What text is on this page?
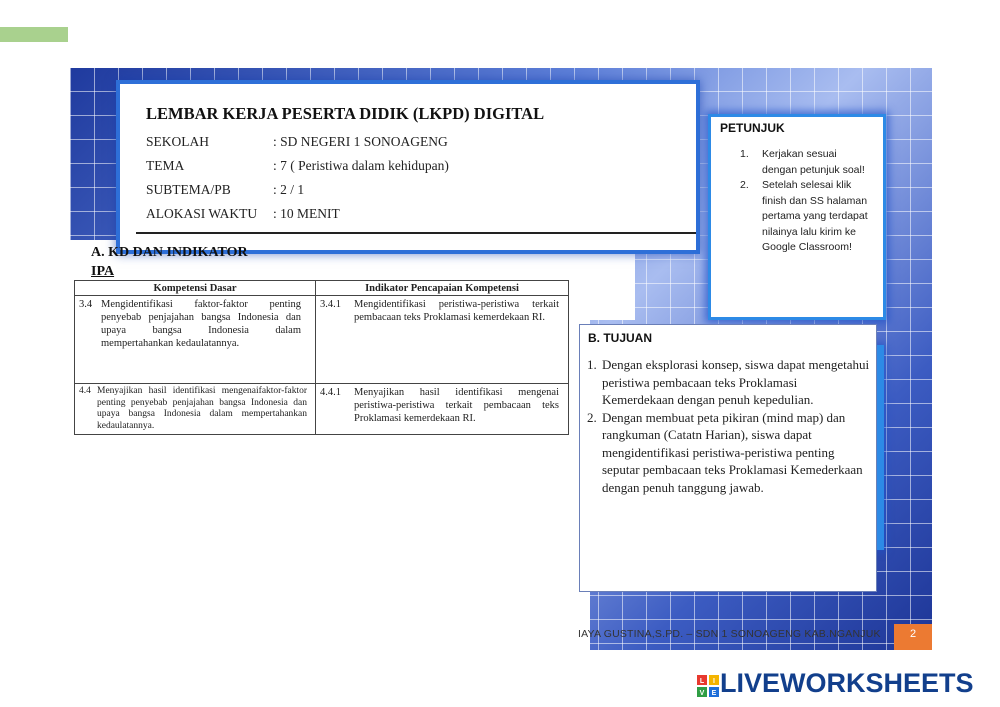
LEMBAR KERJA PESERTA DIDIK (LKPD) DIGITAL
SEKOLAH	: SD NEGERI 1 SONOAGENG
TEMA	: 7 ( Peristiwa dalam kehidupan)
SUBTEMA/PB	: 2 / 1
ALOKASI WAKTU : 10 MENIT
PETUNJUK
1. Kerjakan sesuai dengan petunjuk soal!
2. Setelah selesai klik finish dan SS halaman pertama yang terdapat nilainya lalu kirim ke Google Classroom!
A. KD DAN INDIKATOR
IPA
Kompetensi Dasar	Indikator Pencapaian Kompetensi
3.4 Mengidentifikasi faktor-faktor penting penyebab penjajahan bangsa Indonesia dan upaya bangsa Indonesia dalam mempertahankan kedaulatannya.	3.4.1 Mengidentifikasi peristiwa-peristiwa terkait pembacaan teks Proklamasi kemerdekaan RI.
4.4 Menyajikan hasil identifikasi mengenaifaktor-faktor penting penyebab penjajahan bangsa Indonesia dan upaya bangsa Indonesia dalam mempertahankan kedaulatannya.	4.4.1 Menyajikan hasil identifikasi mengenai peristiwa-peristiwa terkait pembacaan teks Proklamasi kemerdekaan RI.
B. TUJUAN
1. Dengan eksplorasi konsep, siswa dapat mengetahui peristiwa pembacaan teks Proklamasi Kemerdekaan dengan penuh kepedulian.
2. Dengan membuat peta pikiran (mind map) dan rangkuman (Catatn Harian), siswa dapat mengidentifikasi peristiwa-peristiwa penting seputar pembacaan teks Proklamasi Kemederkaan dengan penuh tanggung jawab.
IAYA GUSTINA,S.PD. – SDN 1 SONOAGENG KAB.NGANJUK	2
L I
V E LIVEWORKSHEETS
